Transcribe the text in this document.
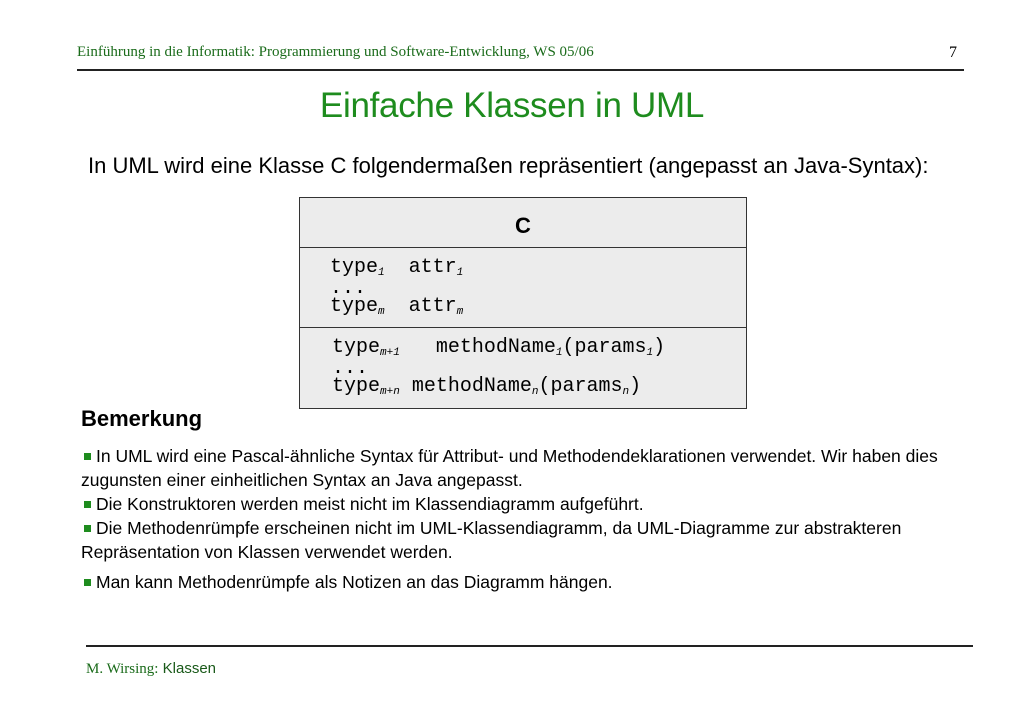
Einführung in die Informatik: Programmierung und Software-Entwicklung, WS 05/06	7
Einfache Klassen in UML
In UML wird eine Klasse C folgendermaßen repräsentiert (angepasst an Java-Syntax):
C
type$_1$ attr$_1$
...
type$_m$ attr$_m$
type$_{m+1}$ methodName$_1$(params$_1$)
...
type$_{m+n}$ methodName$_n$(params$_n$)
Bemerkung

In UML wird eine Pascal-ähnliche Syntax für Attribut- und Methodendeklarationen verwendet. Wir haben dies zugunsten einer einheitlichen Syntax an Java angepasst.

Die Konstruktoren werden meist nicht im Klassendiagramm aufgeführt.

Die Methodenrümpfe erscheinen nicht im UML-Klassendiagramm, da UML-Diagramme zur abstrakteren Repräsentation von Klassen verwendet werden.

Man kann Methodenrümpfe als Notizen an das Diagramm hängen.

M. Wirsing: Klassen
